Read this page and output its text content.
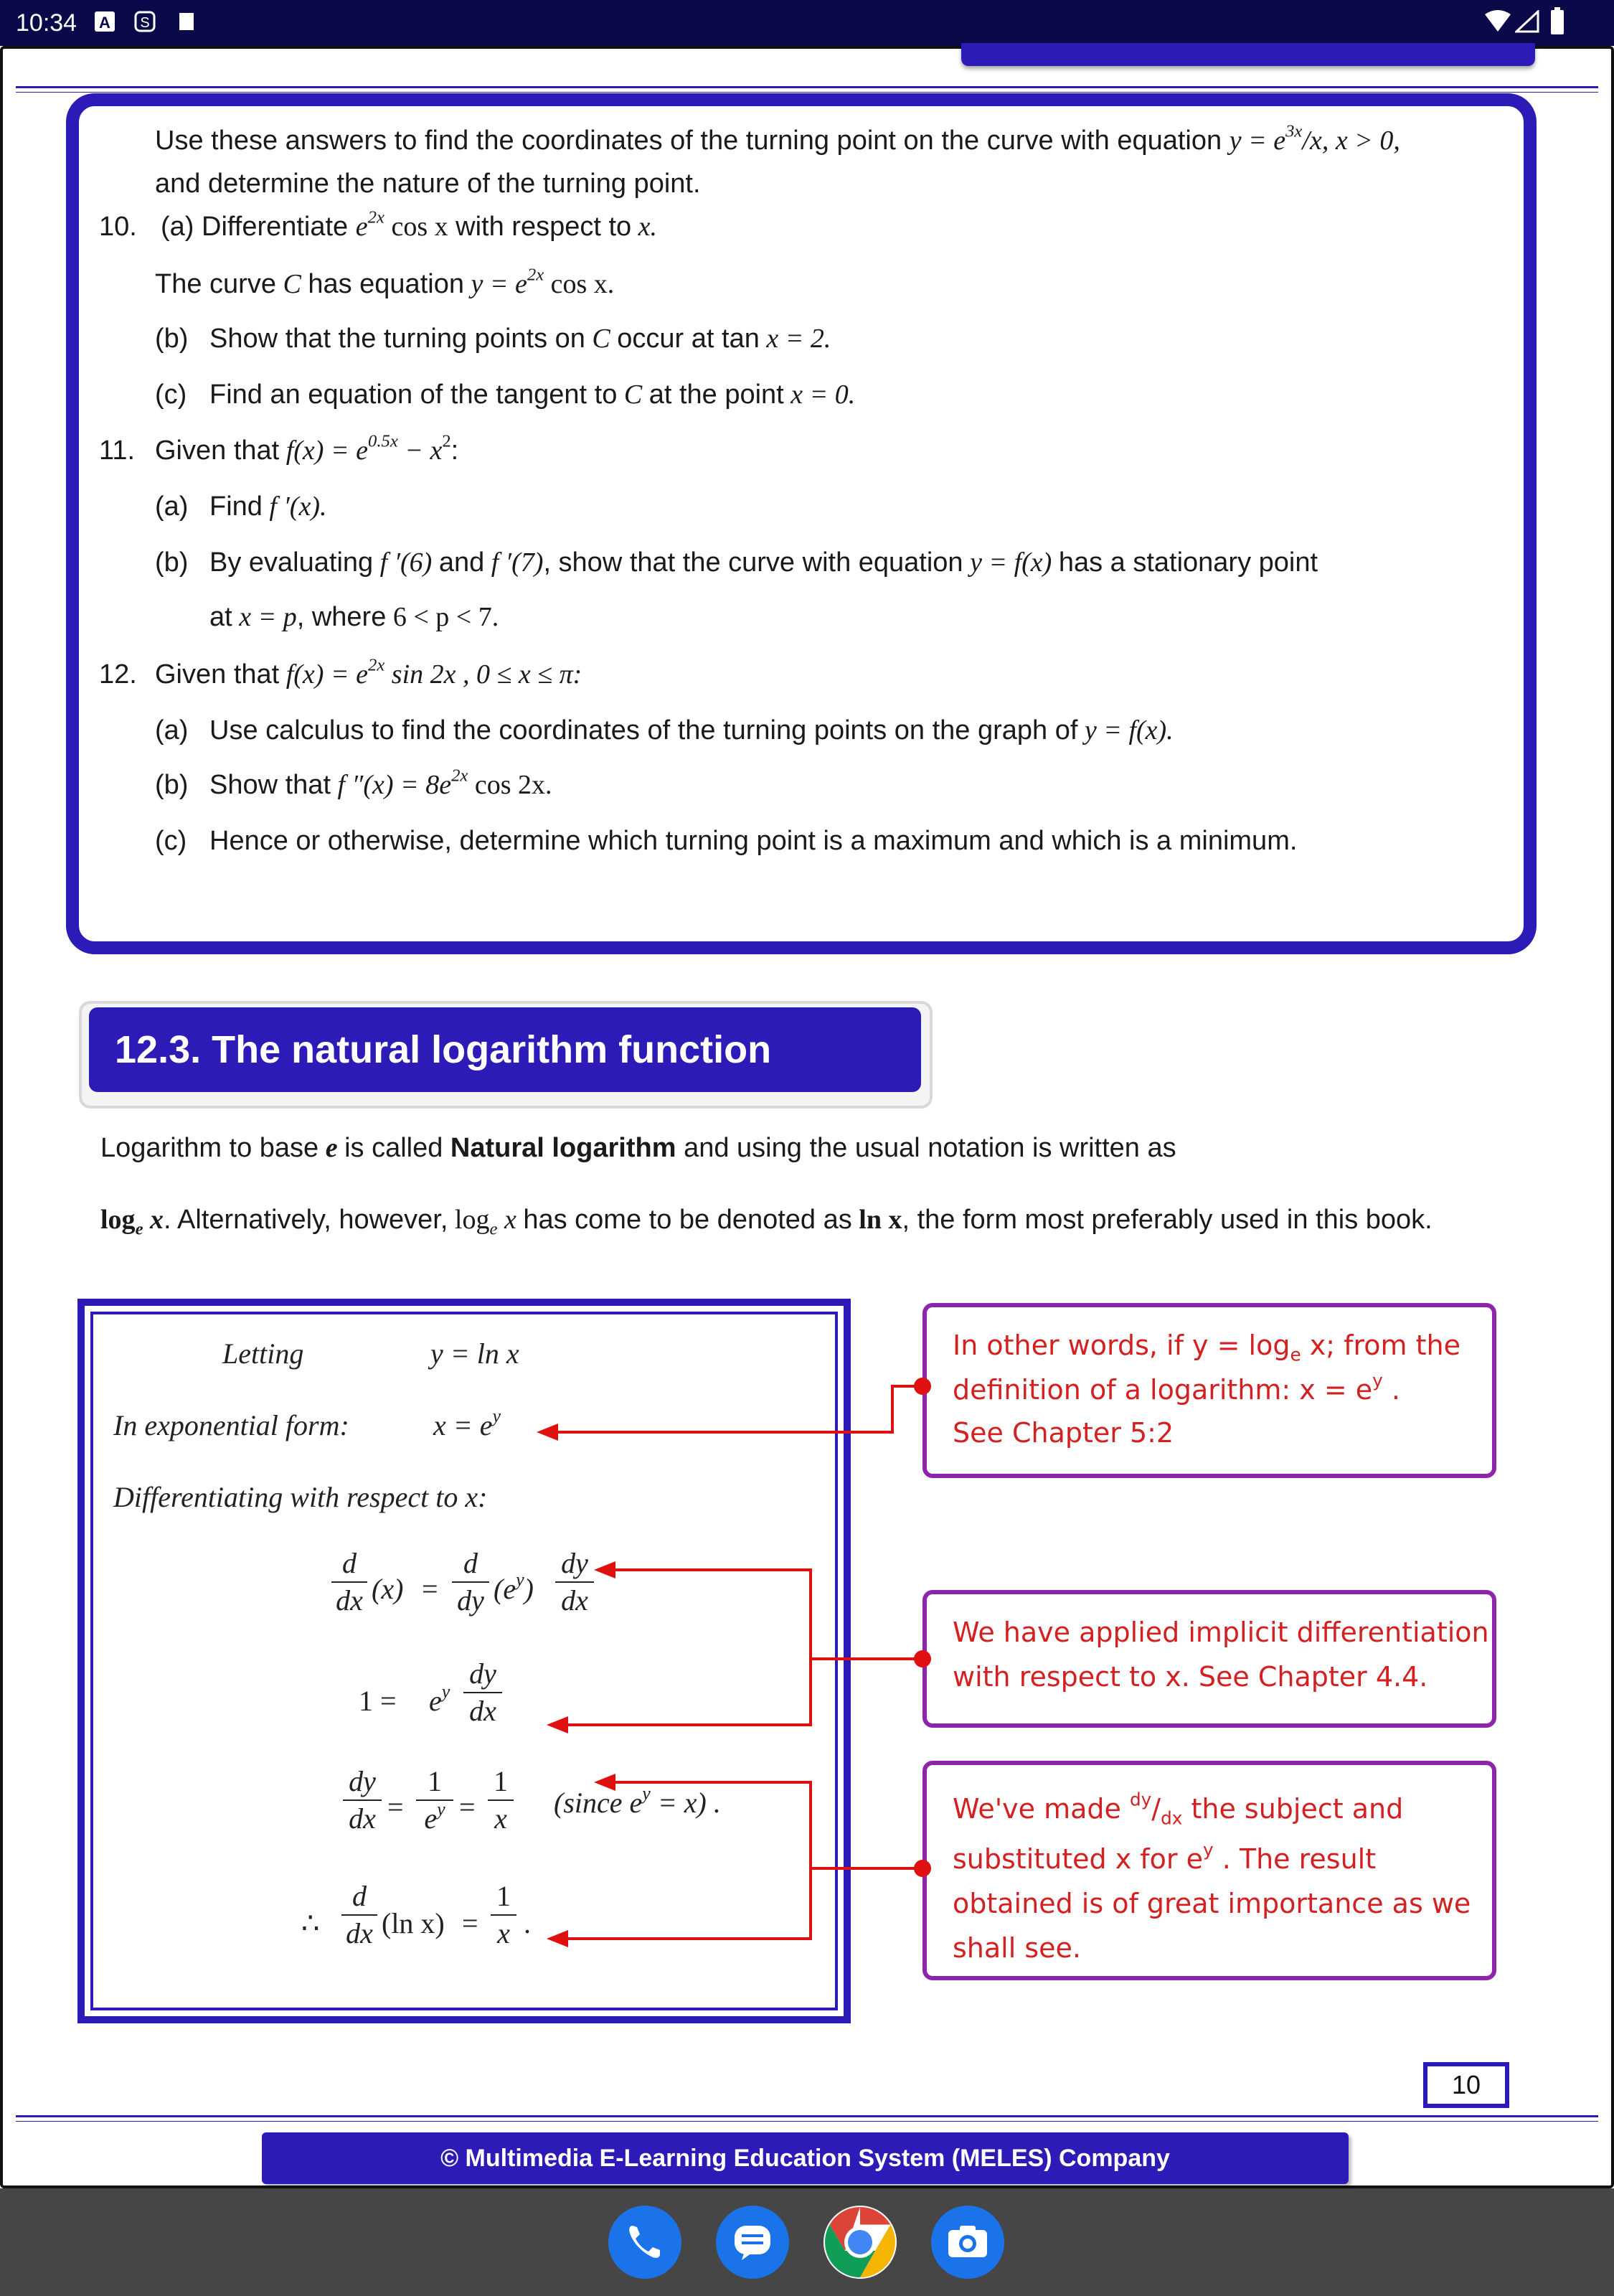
10:34 A S
Use these answers to find the coordinates of the turning point on the curve with equation $y = e^{3x}/x$, x > 0,
and determine the nature of the turning point.
10. (a) Differentiate $e^{2x}$ cos x with respect to x.
The curve C has equation $y = e^{2x}$ cos x.
(b) Show that the turning points on C occur at tan x = 2.
(c) Find an equation of the tangent to C at the point x = 0.
11. Given that $f(x) = e^{0.5x} - x^2$:
(a) Find f ′(x).
(b) By evaluating f ′(6) and f ′(7), show that the curve with equation y = f(x) has a stationary point
at x = p, where 6 < p < 7.
12. Given that $f(x) = e^{2x}$ sin 2x , 0 ≤ x ≤ π:
(a) Use calculus to find the coordinates of the turning points on the graph of y = f(x).
(b) Show that f $''(x) = 8e^{2x}$ cos 2x.
(c) Hence or otherwise, determine which turning point is a maximum and which is a minimum.
12.3. The natural logarithm function
Logarithm to base e is called Natural logarithm and using the usual notation is written as
$\log_e x$. Alternatively, however, $\log_e x$ has come to be denoted as ln x, the form most preferably used in this book.
Letting	y = ln x
In exponential form:	$x = e^y$
Differentiating with respect to x:
d
dx (x) =
d
dy $(e^y)$
dy
dx
$1 = e^y$
dy
dx
dy
dx =
1
$e^y$ =
1
x (since $e^y = x$) .
∴
d
dx (ln x) =
1
x .
In other words, if $y = \log_e x$; from the
definition of a logarithm: $x = e^y$ .
See Chapter 5:2
We have applied implicit differentiation
with respect to x. See Chapter 4.4.
We've made $^{dy}/_{dx}$ the subject and
substituted x for $e^y$ . The result
obtained is of great importance as we
shall see.
10
© Multimedia E-Learning Education System (MELES) Company
